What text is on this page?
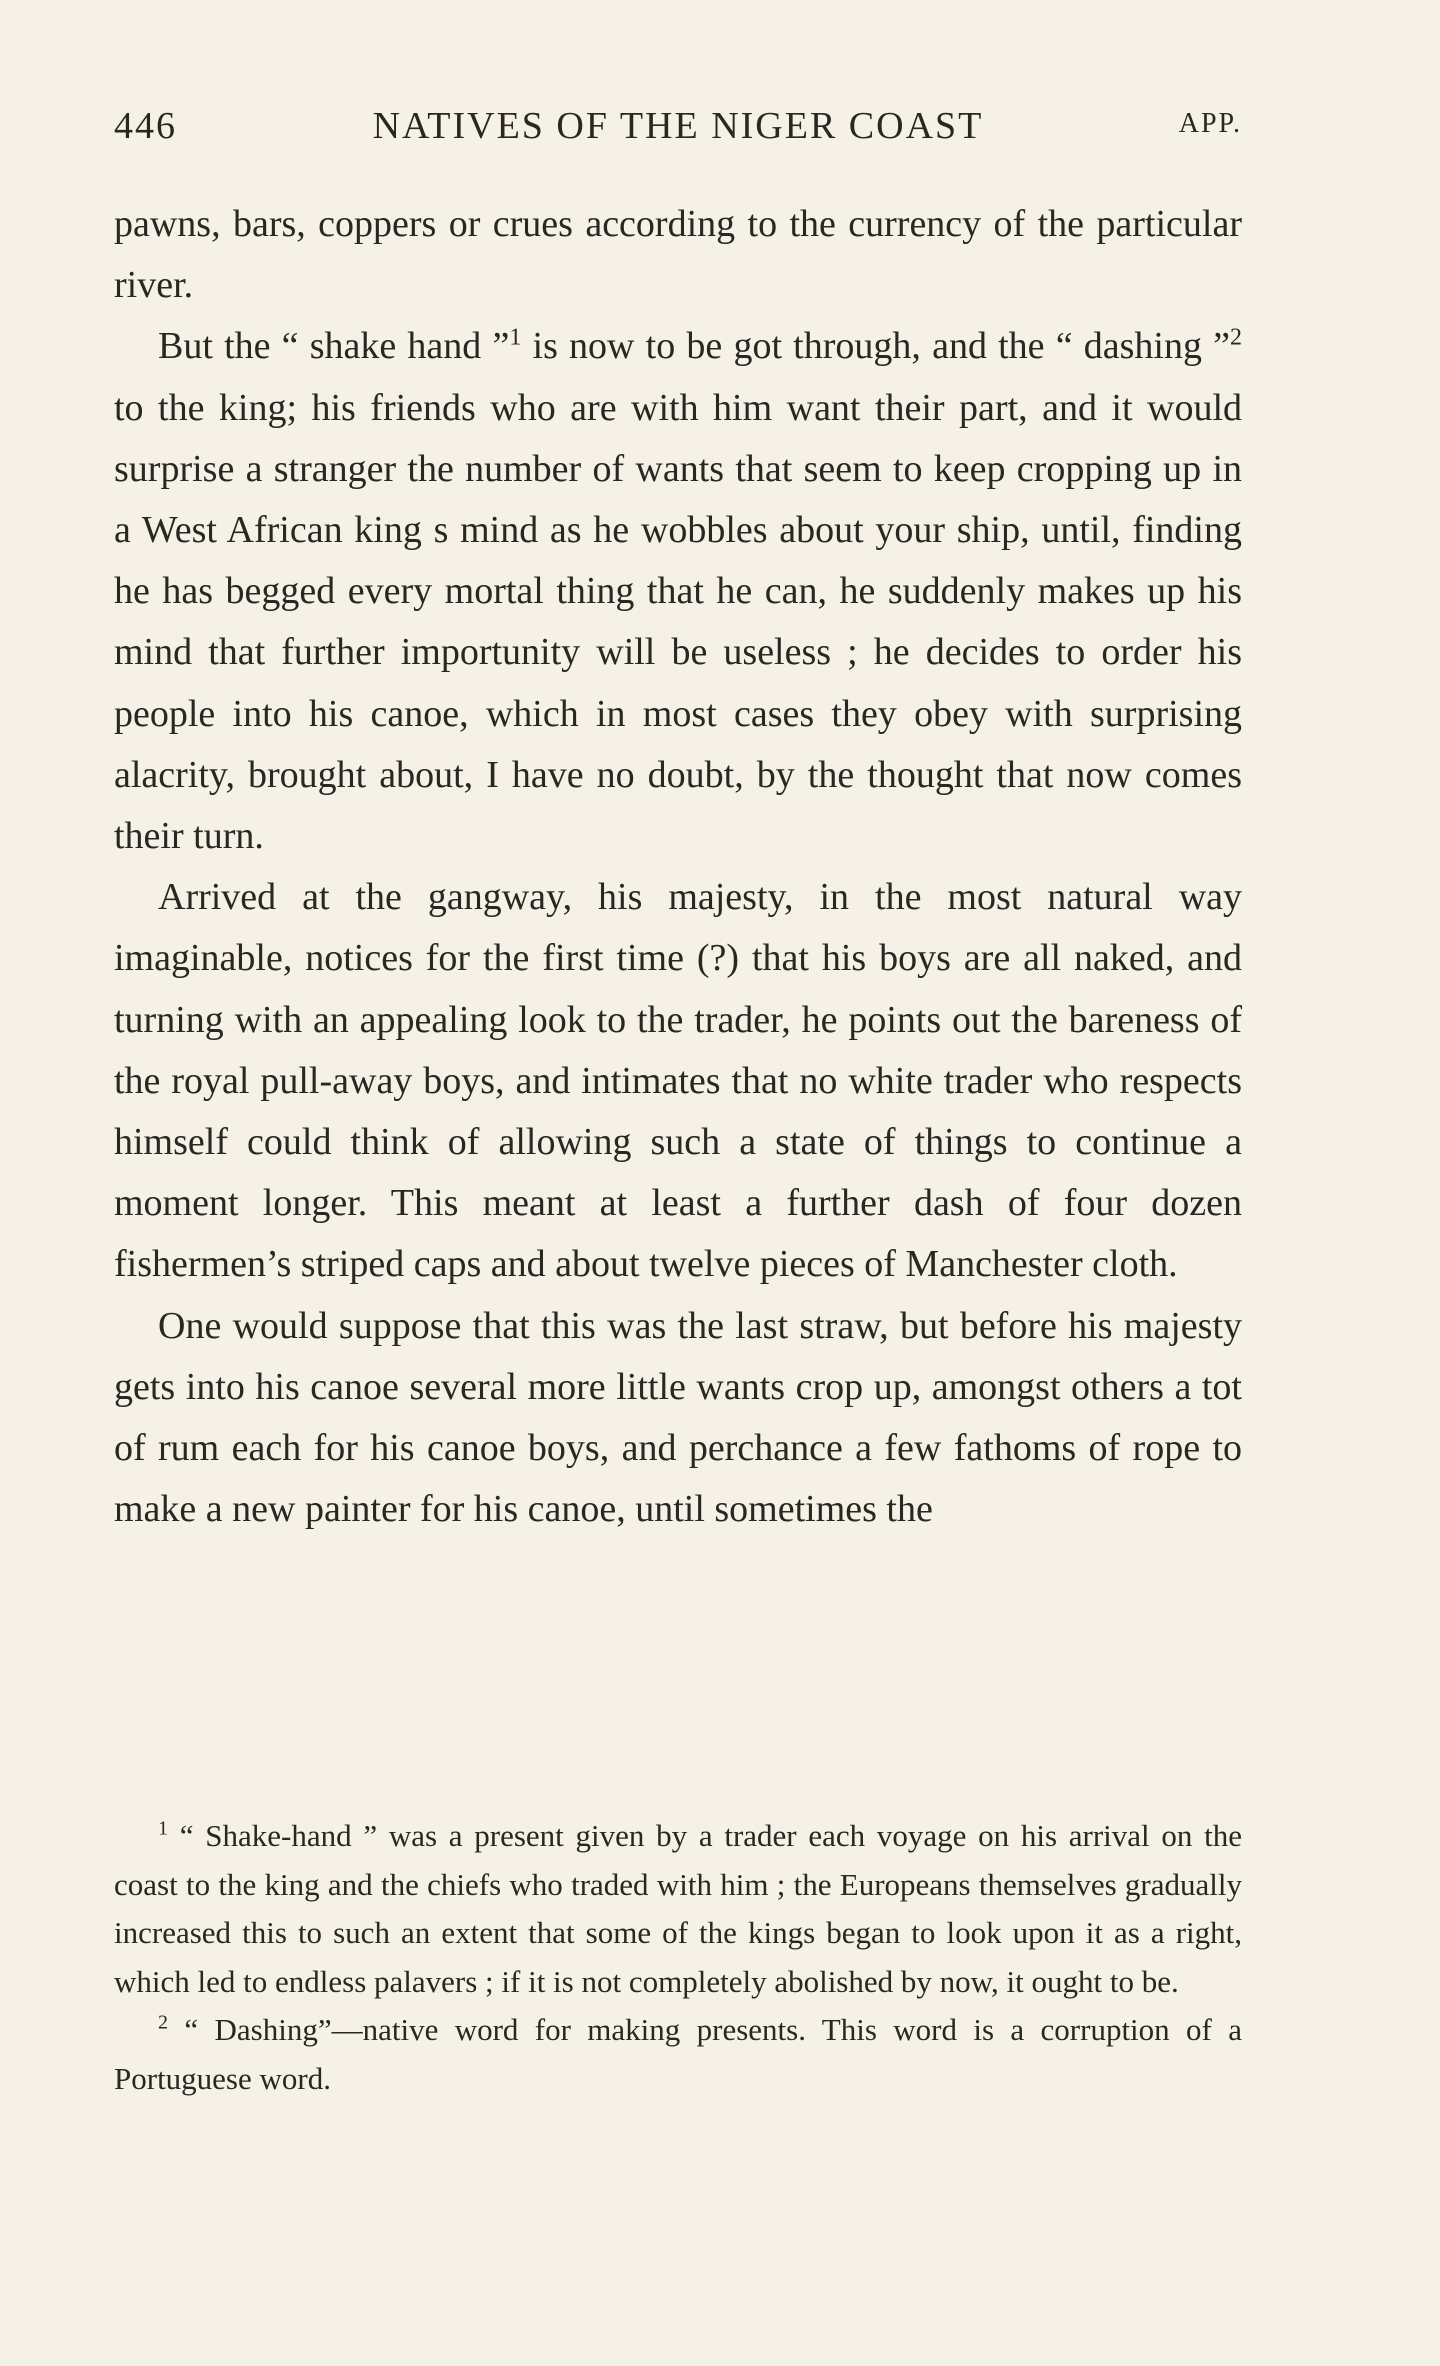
446	NATIVES OF THE NIGER COAST	APP.

pawns, bars, coppers or crues according to the currency of the particular river.

But the “ shake hand ”$^1$ is now to be got through, and the “ dashing ”$^2$ to the king; his friends who are with him want their part, and it would surprise a stranger the number of wants that seem to keep cropping up in a West African king s mind as he wobbles about your ship, until, finding he has begged every mortal thing that he can, he suddenly makes up his mind that further importunity will be useless ; he decides to order his people into his canoe, which in most cases they obey with surprising alacrity, brought about, I have no doubt, by the thought that now comes their turn.

Arrived at the gangway, his majesty, in the most natural way imaginable, notices for the first time (?) that his boys are all naked, and turning with an appealing look to the trader, he points out the bareness of the royal pull-away boys, and intimates that no white trader who respects himself could think of allowing such a state of things to continue a moment longer. This meant at least a further dash of four dozen fishermen’s striped caps and about twelve pieces of Manchester cloth.

One would suppose that this was the last straw, but before his majesty gets into his canoe several more little wants crop up, amongst others a tot of rum each for his canoe boys, and perchance a few fathoms of rope to make a new painter for his canoe, until sometimes the

$^1$ “ Shake-hand ” was a present given by a trader each voyage on his arrival on the coast to the king and the chiefs who traded with him ; the Europeans themselves gradually increased this to such an extent that some of the kings began to look upon it as a right, which led to endless palavers ; if it is not completely abolished by now, it ought to be.

$^2$ “ Dashing”—native word for making presents. This word is a corruption of a Portuguese word.
